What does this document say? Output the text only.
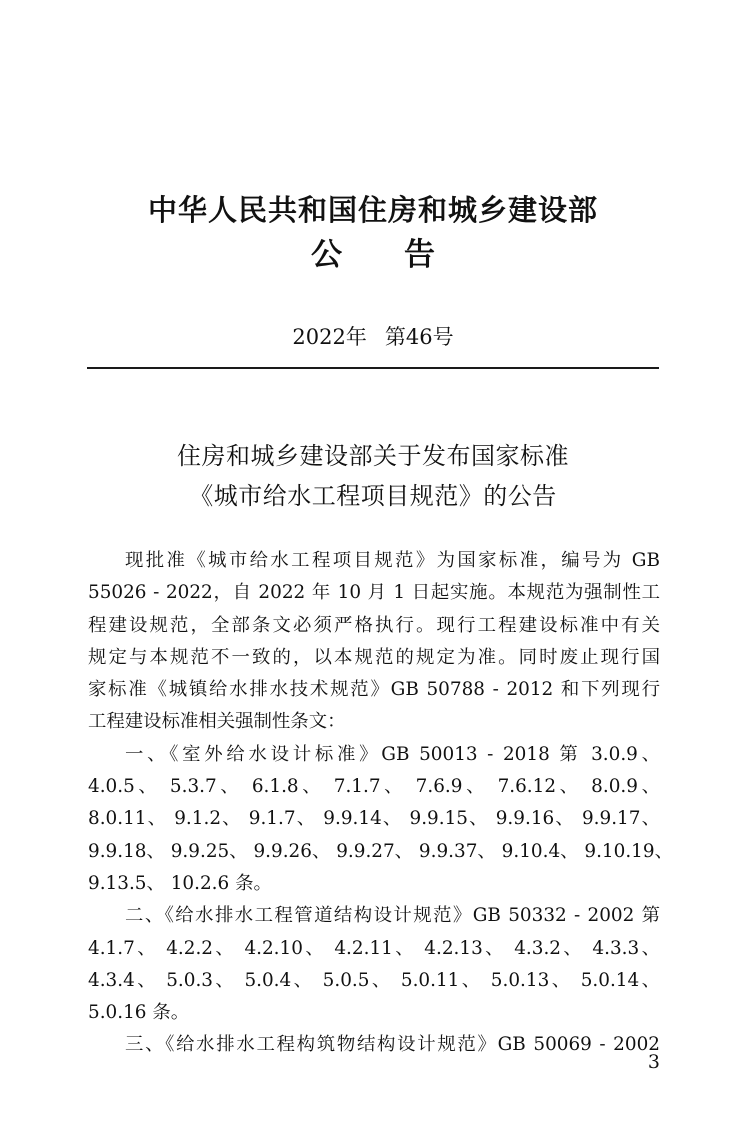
中华人民共和国住房和城乡建设部
公 告
2022年 第46号
住房和城乡建设部关于发布国家标准
《城市给水工程项目规范》的公告
现批准《城市给水工程项目规范》为国家标准，编号为 GB
55026 - 2022，自 2022 年 10 月 1 日起实施。本规范为强制性工
程建设规范，全部条文必须严格执行。现行工程建设标准中有关
规定与本规范不一致的，以本规范的规定为准。同时废止现行国
家标准《城镇给水排水技术规范》GB 50788 - 2012 和下列现行
工程建设标准相关强制性条文：
一、《室外给水设计标准》GB 50013 - 2018 第 3.0.9、
4.0.5、 5.3.7、 6.1.8、 7.1.7、 7.6.9、 7.6.12、 8.0.9、
8.0.11、 9.1.2、 9.1.7、 9.9.14、 9.9.15、 9.9.16、 9.9.17、
9.9.18、 9.9.25、 9.9.26、 9.9.27、 9.9.37、 9.10.4、 9.10.19、
9.13.5、 10.2.6 条。
二、《给水排水工程管道结构设计规范》GB 50332 - 2002 第
4.1.7、 4.2.2、 4.2.10、 4.2.11、 4.2.13、 4.3.2、 4.3.3、
4.3.4、 5.0.3、 5.0.4、 5.0.5、 5.0.11、 5.0.13、 5.0.14、
5.0.16 条。
三、《给水排水工程构筑物结构设计规范》GB 50069 - 2002
3
